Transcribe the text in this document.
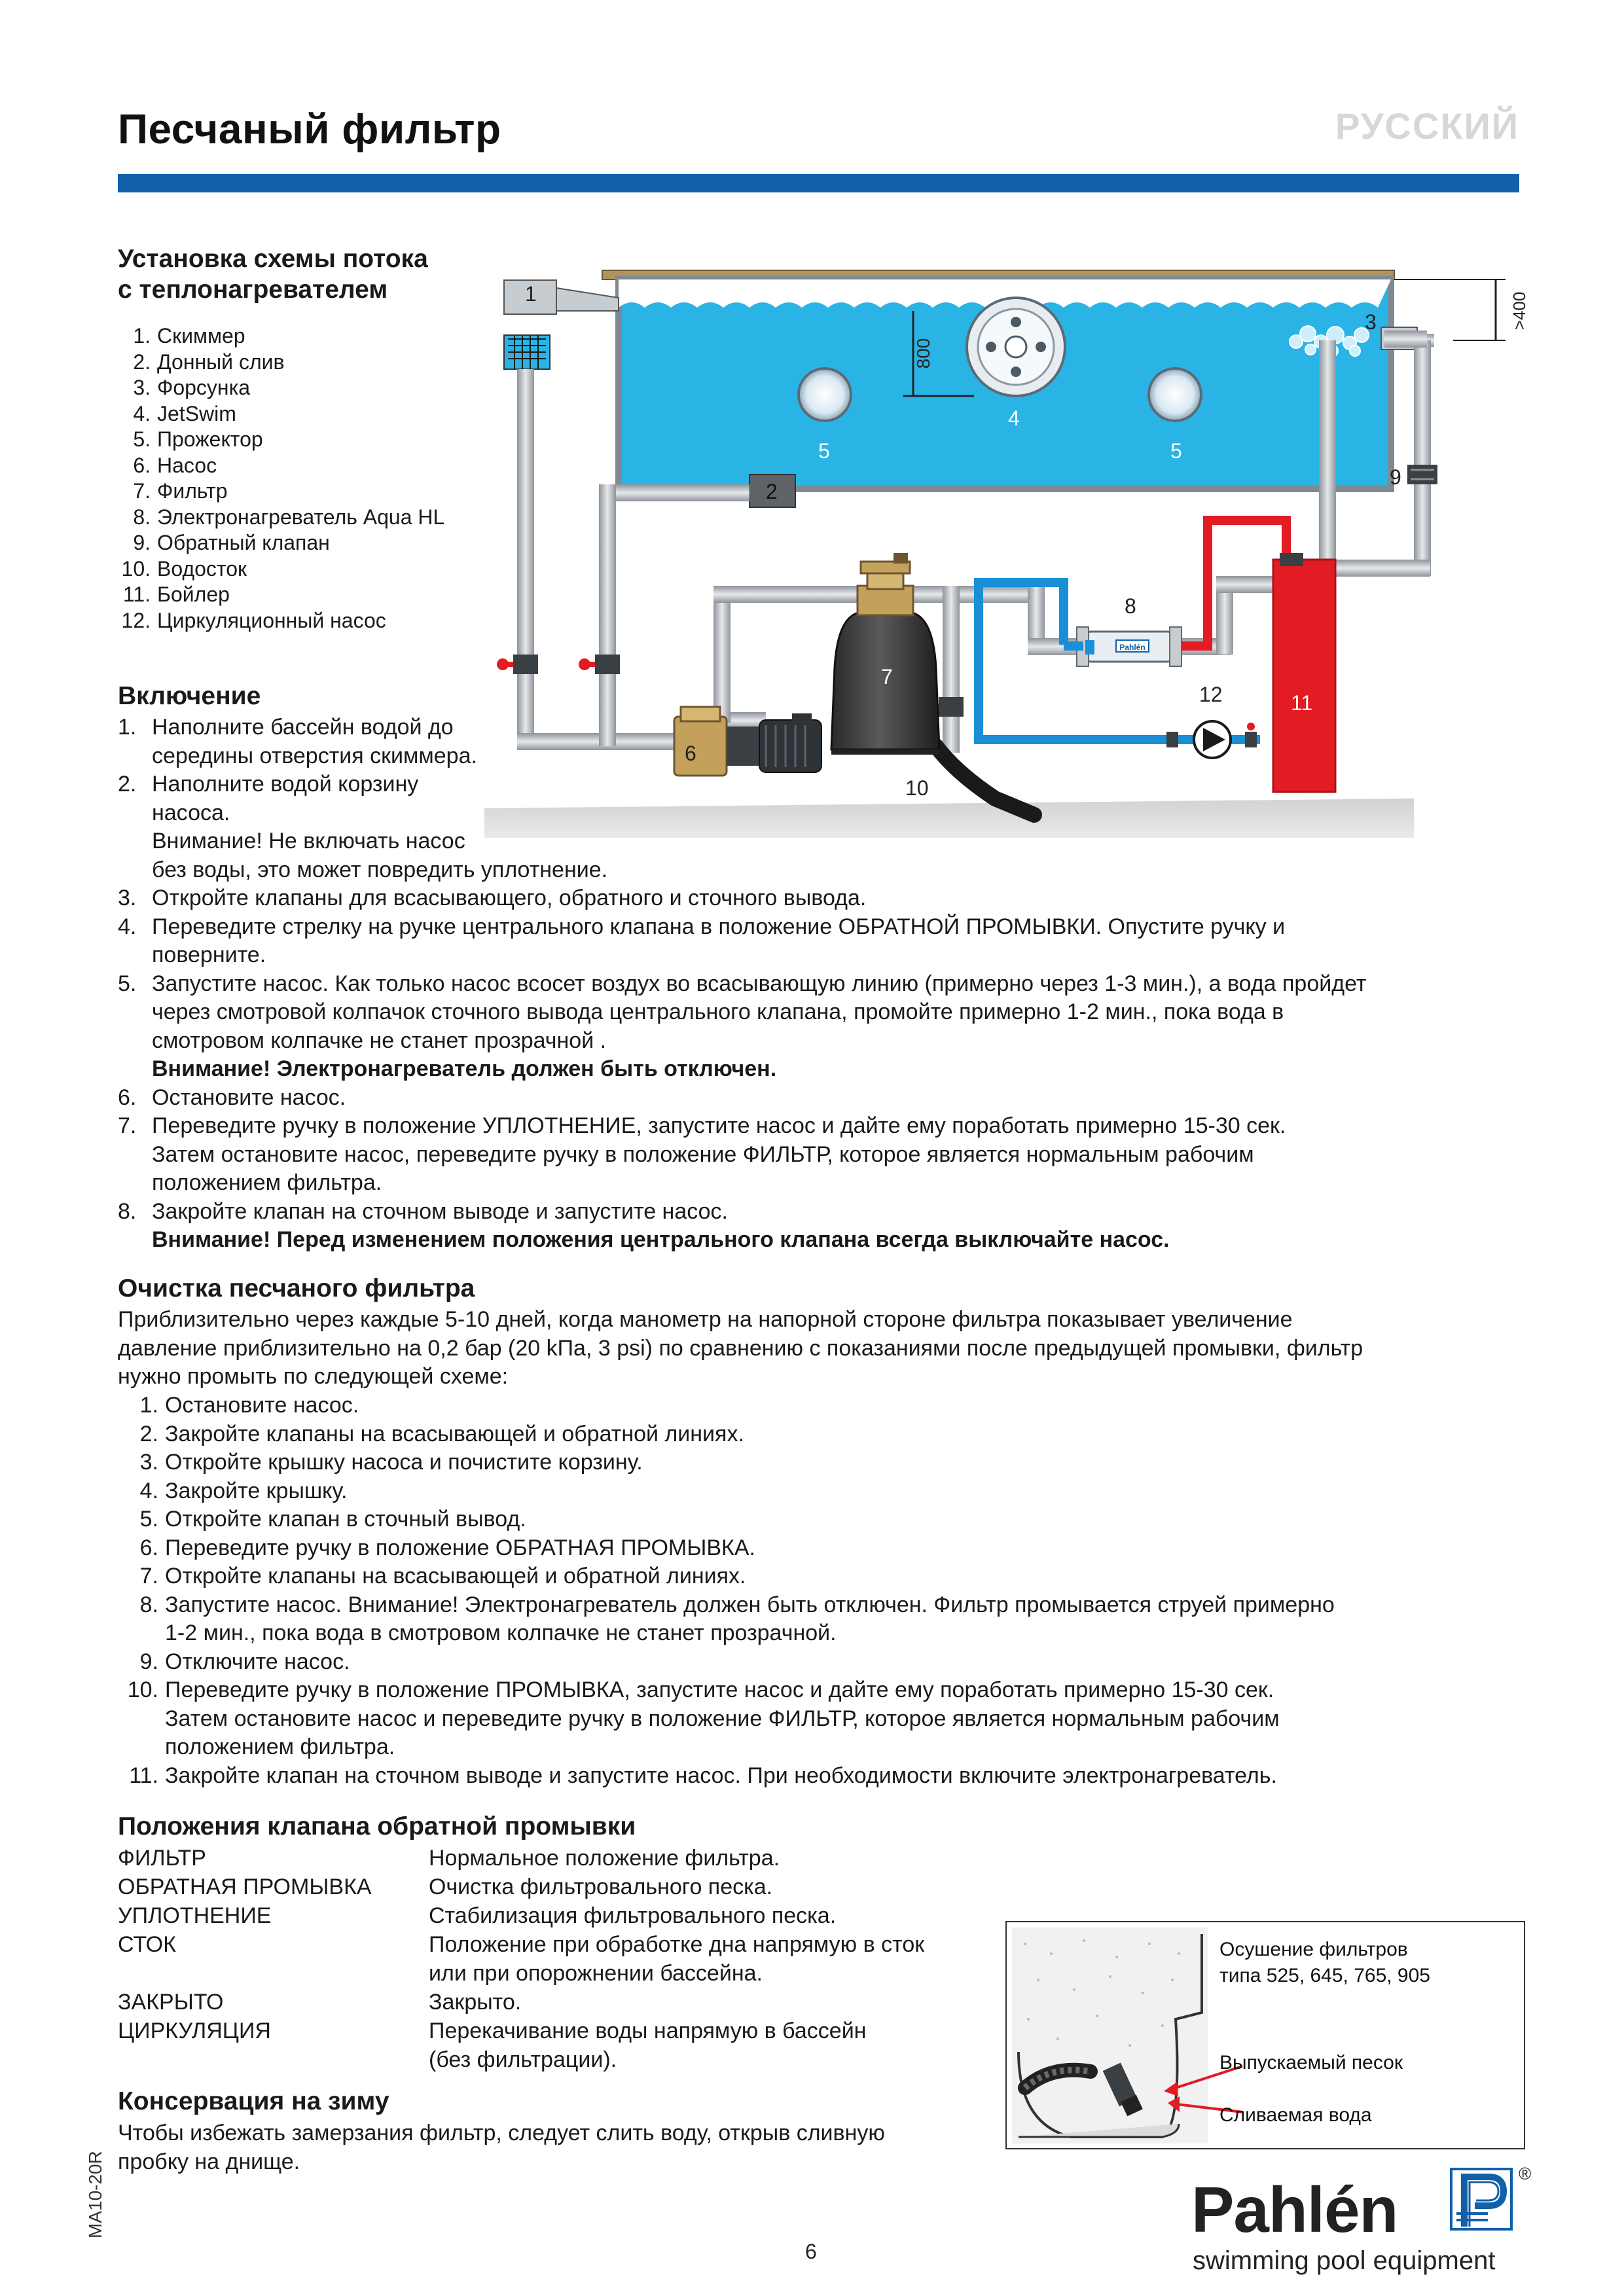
Песчаный фильтр	РУССКИЙ
Установка схемы потока
с теплонагревателем
1. Скиммер
2. Донный слив
3. Форсунка
4. JetSwim
5. Прожектор
6. Насос
7. Фильтр
8. Электронагреватель Aqua HL
9. Обратный клапан
10. Водосток
11. Бойлер
12. Циркуляционный насос
Pahlén
1
2
3
4
5	5
6
7
8
9
10
11
12
800
>400
Включение
1. Наполните бассейн водой до
середины отверстия скиммера.
2. Наполните водой корзину
насоса.
Внимание! Не включать насос
без воды, это может повредить уплотнение.
3. Откройте клапаны для всасывающего, обратного и сточного вывода.
4. Переведите стрелку на ручке центрального клапана в положение ОБРАТНОЙ ПРОМЫВКИ. Опустите ручку и
поверните.
5. Запустите насос. Как только насос всосет воздух во всасывающую линию (примерно через 1-3 мин.), а вода пройдет
через смотровой колпачок сточного вывода центрального клапана, промойте примерно 1-2 мин., пока вода в
смотровом колпачке не станет прозрачной .
Внимание! Электронагреватель должен быть отключен.
6. Остановите насос.
7. Переведите ручку в положение УПЛОТНЕНИЕ, запустите насос и дайте ему поработать примерно 15-30 сек.
Затем остановите насос, переведите ручку в положение ФИЛЬТР, которое является нормальным рабочим
положением фильтра.
8. Закройте клапан на сточном выводе и запустите насос.
Внимание! Перед изменением положения центрального клапана всегда выключайте насос.
Очистка песчаного фильтра
Приблизительно через каждые 5-10 дней, когда манометр на напорной стороне фильтра показывает увеличение
давление приблизительно на 0,2 бар (20 kПа, 3 psi) по сравнению с показаниями после предыдущей промывки, фильтр
нужно промыть по следующей схеме:
1. Остановите насос.
2. Закройте клапаны на всасывающей и обратной линиях.
3. Откройте крышку насоса и почистите корзину.
4. Закройте крышку.
5. Откройте клапан в сточный вывод.
6. Переведите ручку в положение ОБРАТНАЯ ПРОМЫВКА.
7. Откройте клапаны на всасывающей и обратной линиях.
8. Запустите насос. Внимание! Электронагреватель должен быть отключен. Фильтр промывается струей примерно
1-2 мин., пока вода в смотровом колпачке не станет прозрачной.
9. Отключите насос.
10. Переведите ручку в положение ПРОМЫВКА, запустите насос и дайте ему поработать примерно 15-30 сек.
Затем остановите насос и переведите ручку в положение ФИЛЬТР, которое является нормальным рабочим
положением фильтра.
11. Закройте клапан на сточном выводе и запустите насос. При необходимости включите электронагреватель.
Положения клапана обратной промывки
ФИЛЬТР	Нормальное положение фильтра.
ОБРАТНАЯ ПРОМЫВКА	Очистка фильтровального песка.
УПЛОТНЕНИЕ	Стабилизация фильтровального песка.
СТОК	Положение при обработке дна напрямую в сток
или при опорожнении бассейна.
ЗАКРЫТО	Закрыто.
ЦИРКУЛЯЦИЯ	Перекачивание воды напрямую в бассейн
(без фильтрации).
Консервация на зиму
Чтобы избежать замерзания фильтр, следует слить воду, открыв сливную
пробку на днище.
Осушение фильтров
типа 525, 645, 765, 905
Выпускаемый песок
Сливаемая вода
MA10-20R
6
Pahlén	®
swimming pool equipment
